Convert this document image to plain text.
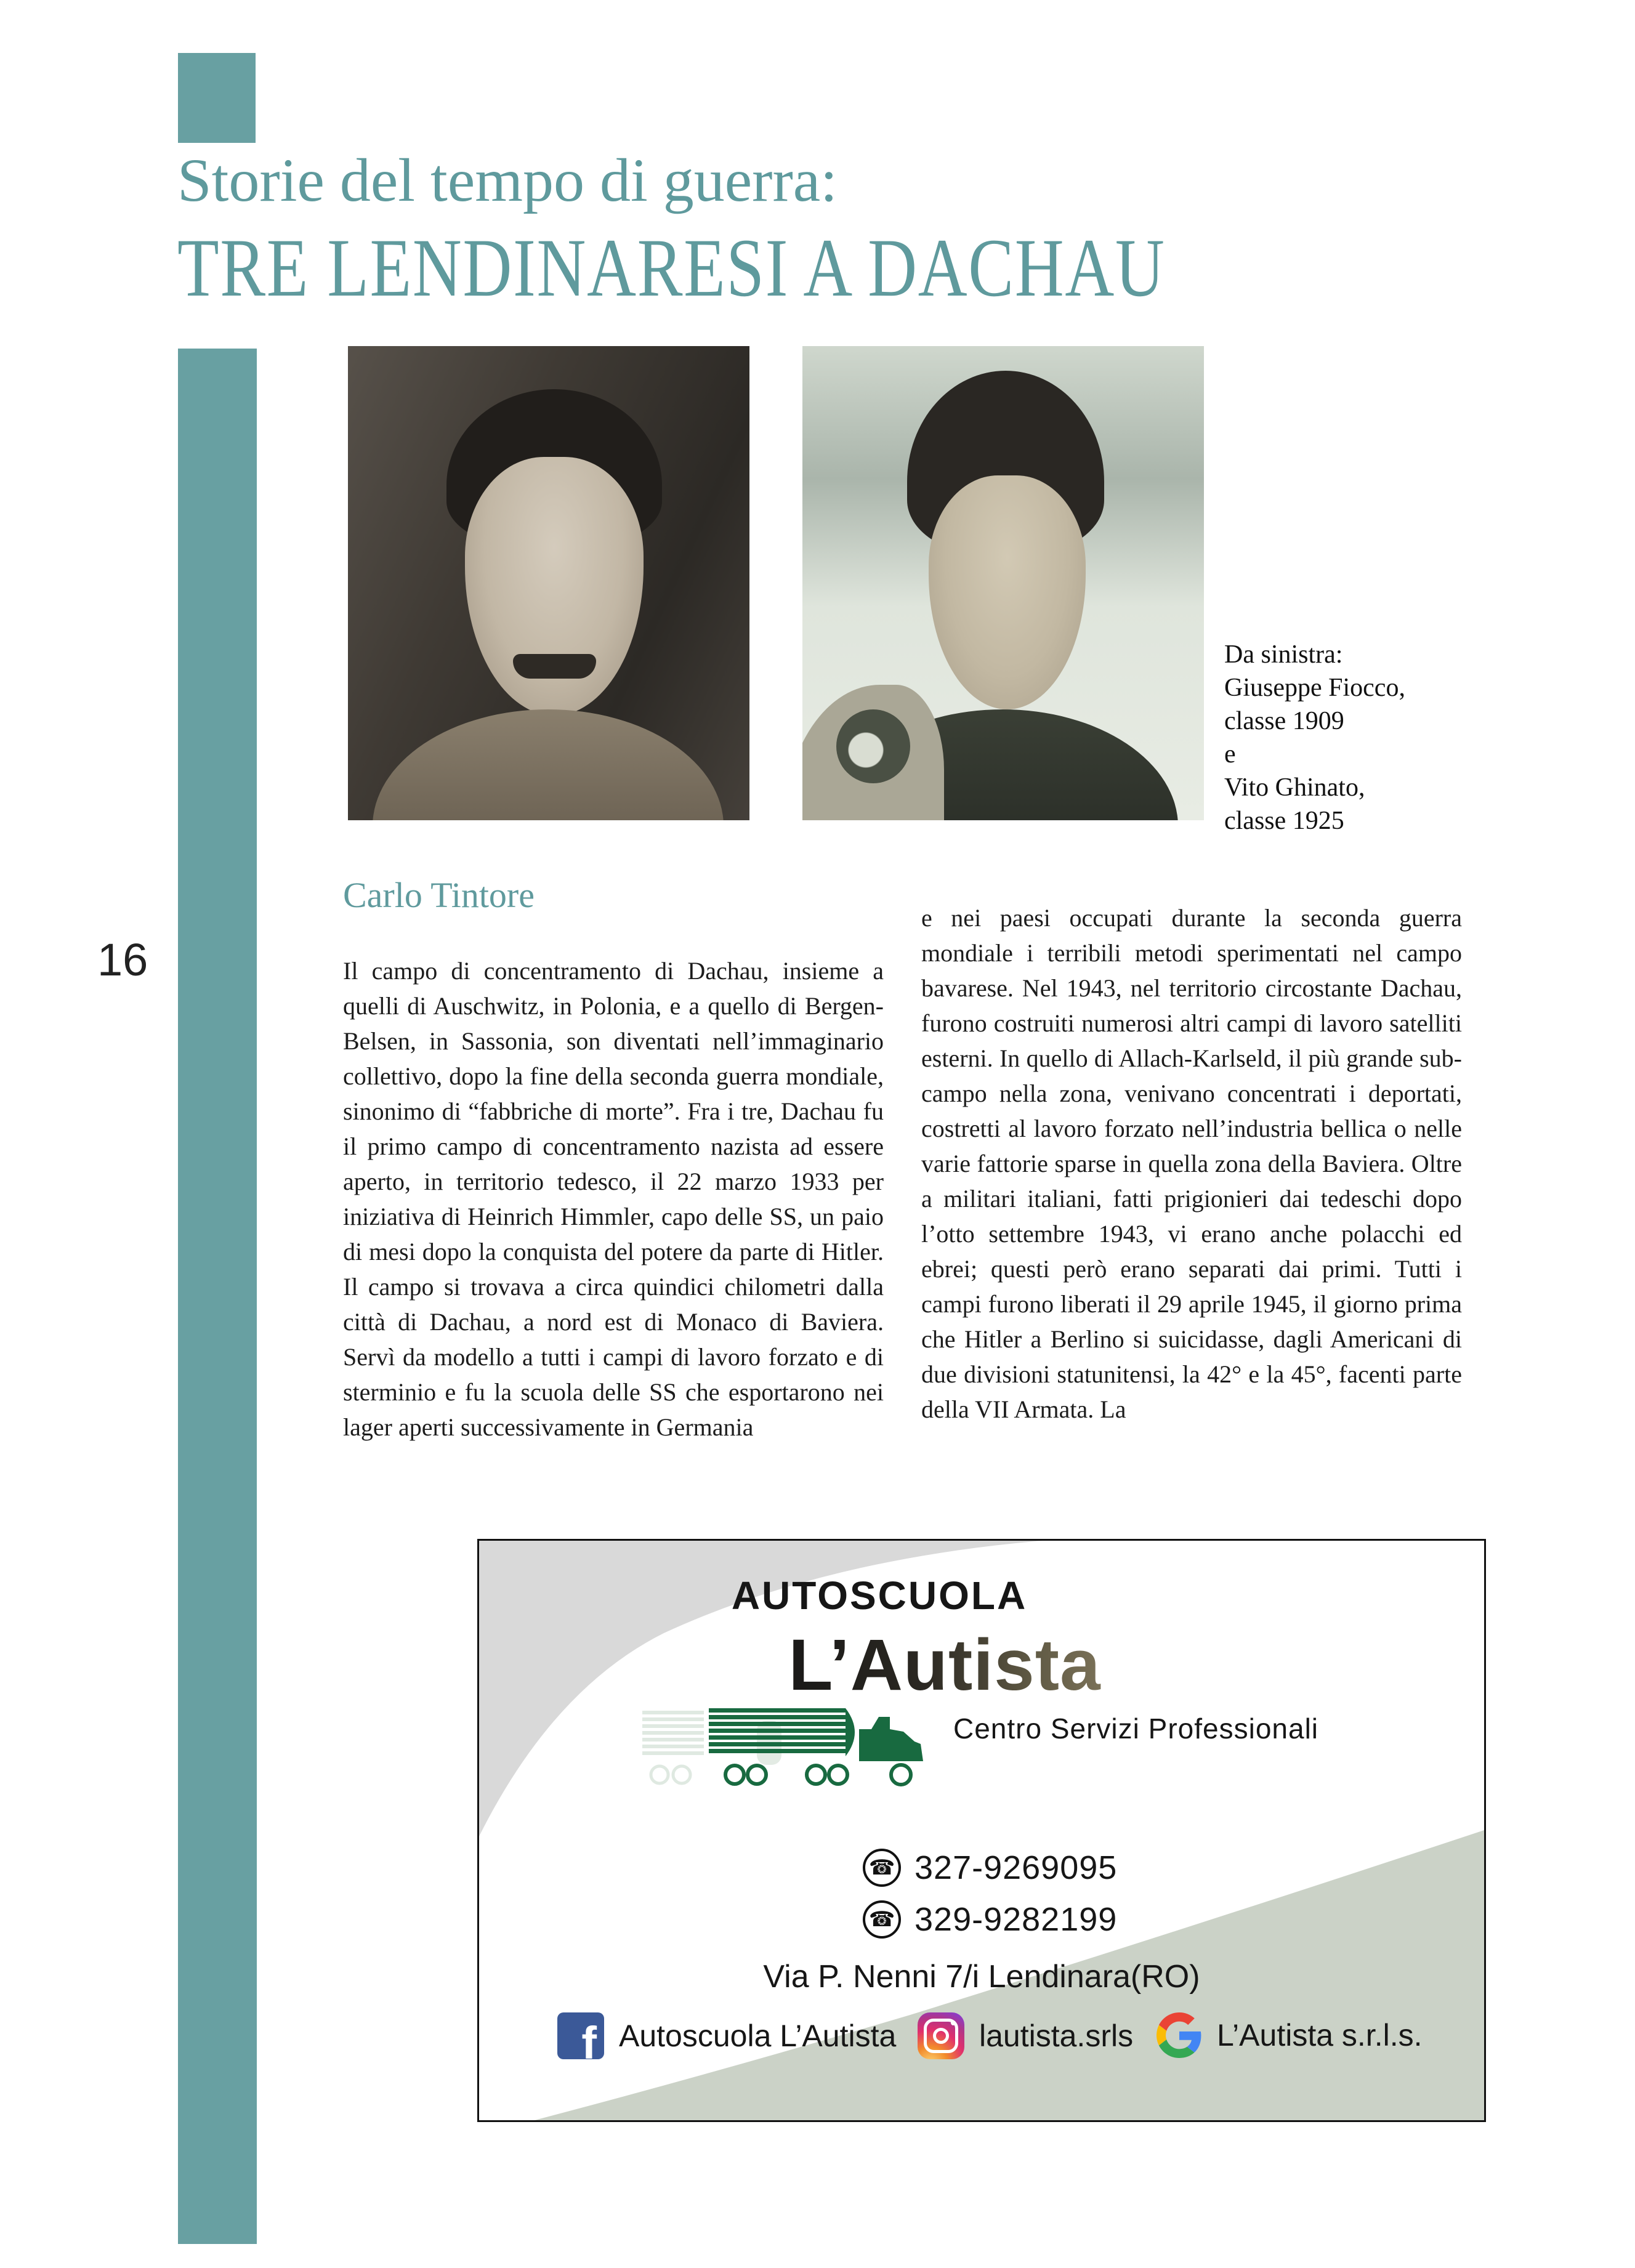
Storie del tempo di guerra:
TRE LENDINARESI A DACHAU
Da sinistra:
Giuseppe Fiocco,
classe 1909
e
Vito Ghinato,
classe 1925
16
Carlo Tintore
Il campo di concentramento di Dachau, insieme a quelli di Auschwitz, in Polonia, e a quello di Bergen-Belsen, in Sassonia, son diventati nell’immaginario collettivo, dopo la fine della seconda guerra mondiale, sinonimo di “fabbriche di morte”. Fra i tre, Dachau fu il primo campo di concentramento nazista ad essere aperto, in territorio tedesco, il 22 marzo 1933 per iniziativa di Heinrich Himmler, capo delle SS, un paio di mesi dopo la conquista del potere da parte di Hitler. Il campo si trovava a circa quindici chilometri dalla città di Dachau, a nord est di Monaco di Baviera. Servì da modello a tutti i campi di lavoro forzato e di sterminio e fu la scuola delle SS che esportarono nei lager aperti successivamente in Germania
e nei paesi occupati durante la seconda guerra mondiale i terribili metodi sperimentati nel campo bavarese. Nel 1943, nel territorio circostante Dachau, furono costruiti numerosi altri campi di lavoro satelliti esterni. In quello di Allach-Karlseld, il più grande sub-campo nella zona, venivano concentrati i deportati, costretti al lavoro forzato nell’industria bellica o nelle varie fattorie sparse in quella zona della Baviera. Oltre a militari italiani, fatti prigionieri dai tedeschi dopo l’otto settembre 1943, vi erano anche polacchi ed ebrei; questi però erano separati dai primi. Tutti i campi furono liberati il 29 aprile 1945, il giorno prima che Hitler a Berlino si suicidasse, dagli Americani di due divisioni statunitensi, la 42° e la 45°, facenti parte della VII Armata. La
AUTOSCUOLA
L’Autista
Centro Servizi Professionali
☎ 327-9269095
☎ 329-9282199
Via P. Nenni 7/i Lendinara(RO)
f Autoscuola L’Autista	lautista.srls	L’Autista s.r.l.s.
